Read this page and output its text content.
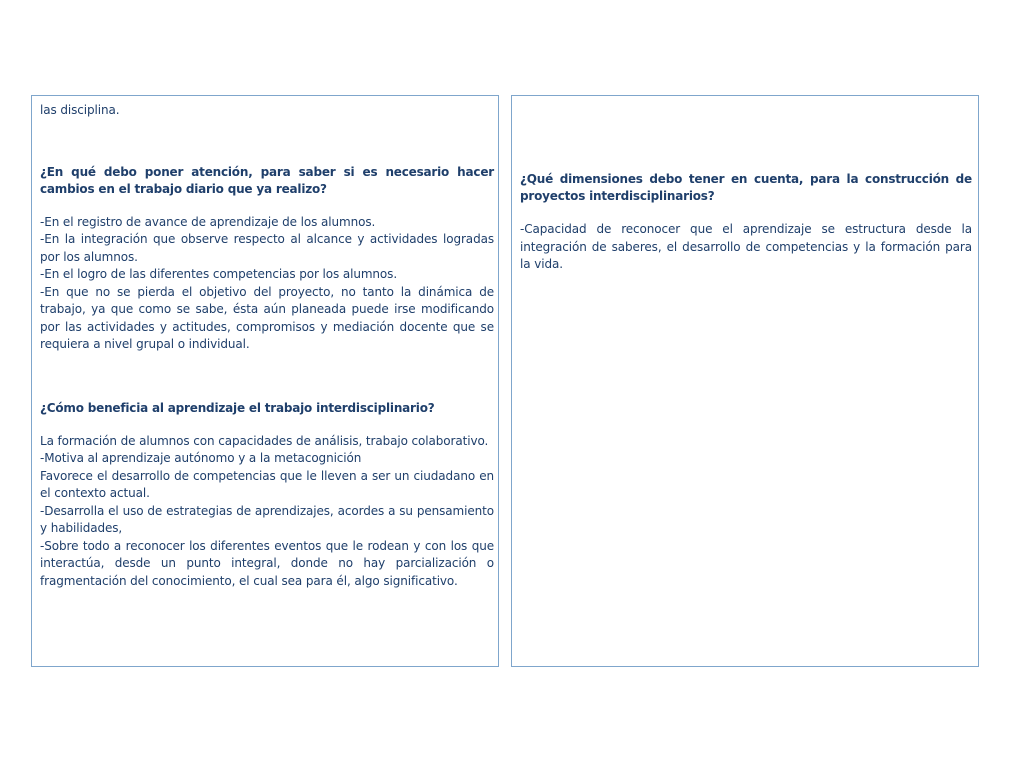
las disciplina.

¿En qué debo poner atención, para saber si es necesario hacer cambios en el trabajo diario que ya realizo?

-En el registro de avance de aprendizaje de los alumnos.
-En la integración que observe respecto al alcance y actividades logradas por los alumnos.
-En el logro de las diferentes competencias por los alumnos.
-En que no se pierda el objetivo del proyecto, no tanto la dinámica de trabajo, ya que como se sabe, ésta aún planeada puede irse modificando por las actividades y actitudes, compromisos y mediación docente que se requiera a nivel grupal o individual.

¿Cómo beneficia al aprendizaje el trabajo interdisciplinario?

La formación de alumnos con capacidades de análisis, trabajo colaborativo.
-Motiva al aprendizaje autónomo y a la metacognición
Favorece el desarrollo de competencias que le lleven a ser un ciudadano en el contexto actual.
-Desarrolla el uso de estrategias de aprendizajes, acordes a su pensamiento y habilidades,
-Sobre todo a reconocer los diferentes eventos que le rodean y con los que interactúa, desde un punto integral, donde no hay parcialización o fragmentación del conocimiento, el cual sea para él, algo significativo.

¿Qué dimensiones debo tener en cuenta, para la construcción de proyectos interdisciplinarios?

-Capacidad de reconocer que el aprendizaje se estructura desde la integración de saberes, el desarrollo de competencias y la formación para la vida.
